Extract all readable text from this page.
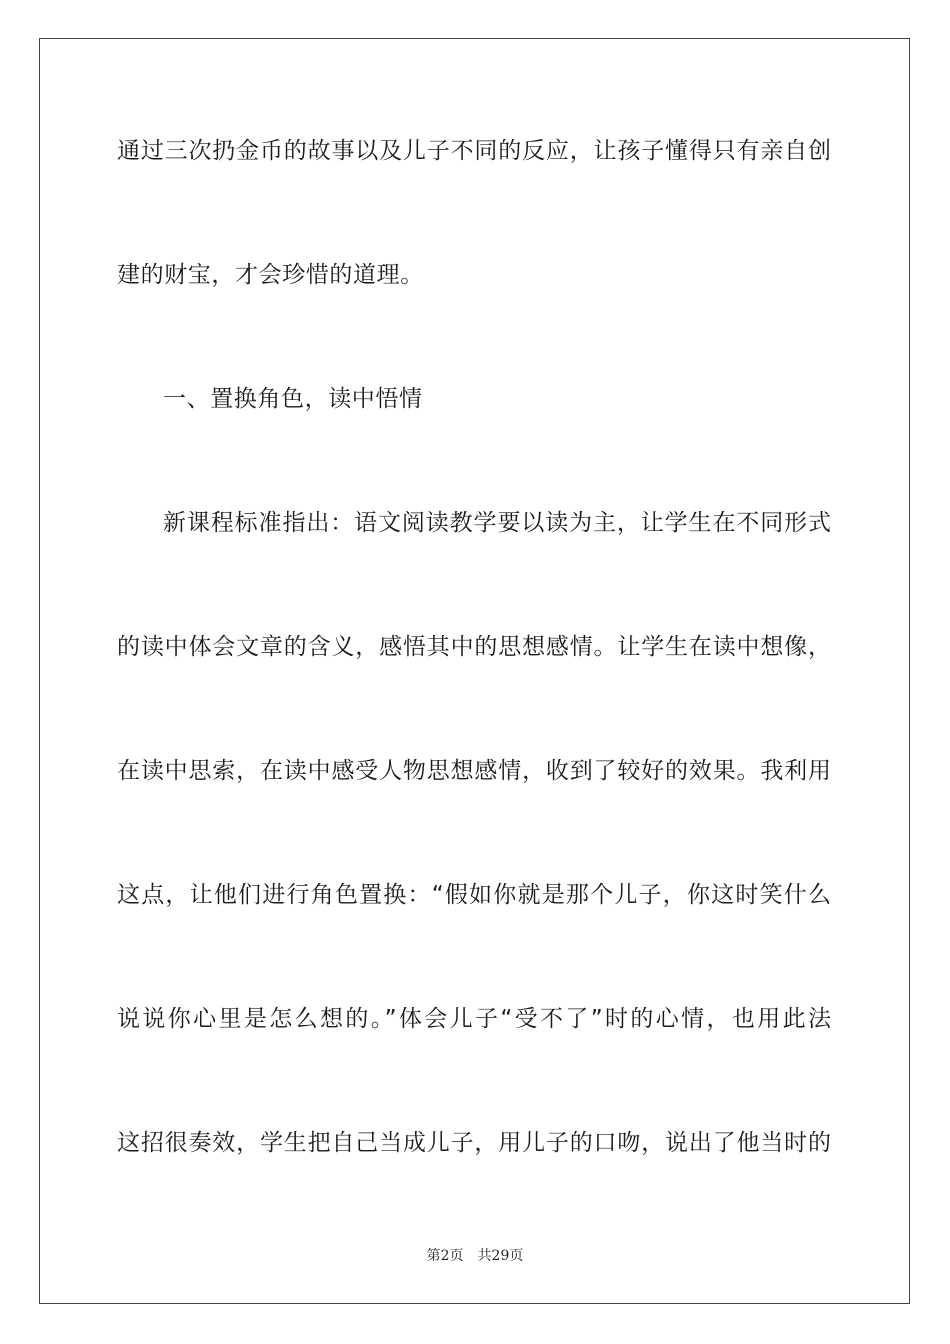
通过三次扔金币的故事以及儿子不同的反应，让孩子懂得只有亲自创
建的财宝，才会珍惜的道理。
一、置换角色，读中悟情
新课程标准指出：语文阅读教学要以读为主，让学生在不同形式
的读中体会文章的含义，感悟其中的思想感情。让学生在读中想像，
在读中思索，在读中感受人物思想感情，收到了较好的效果。我利用
这点，让他们进行角色置换：“假如你就是那个儿子，你这时笑什么
说说你心里是怎么想的。”体会儿子“受不了”时的心情，也用此法
这招很奏效，学生把自己当成儿子，用儿子的口吻，说出了他当时的
第2页 共29页
